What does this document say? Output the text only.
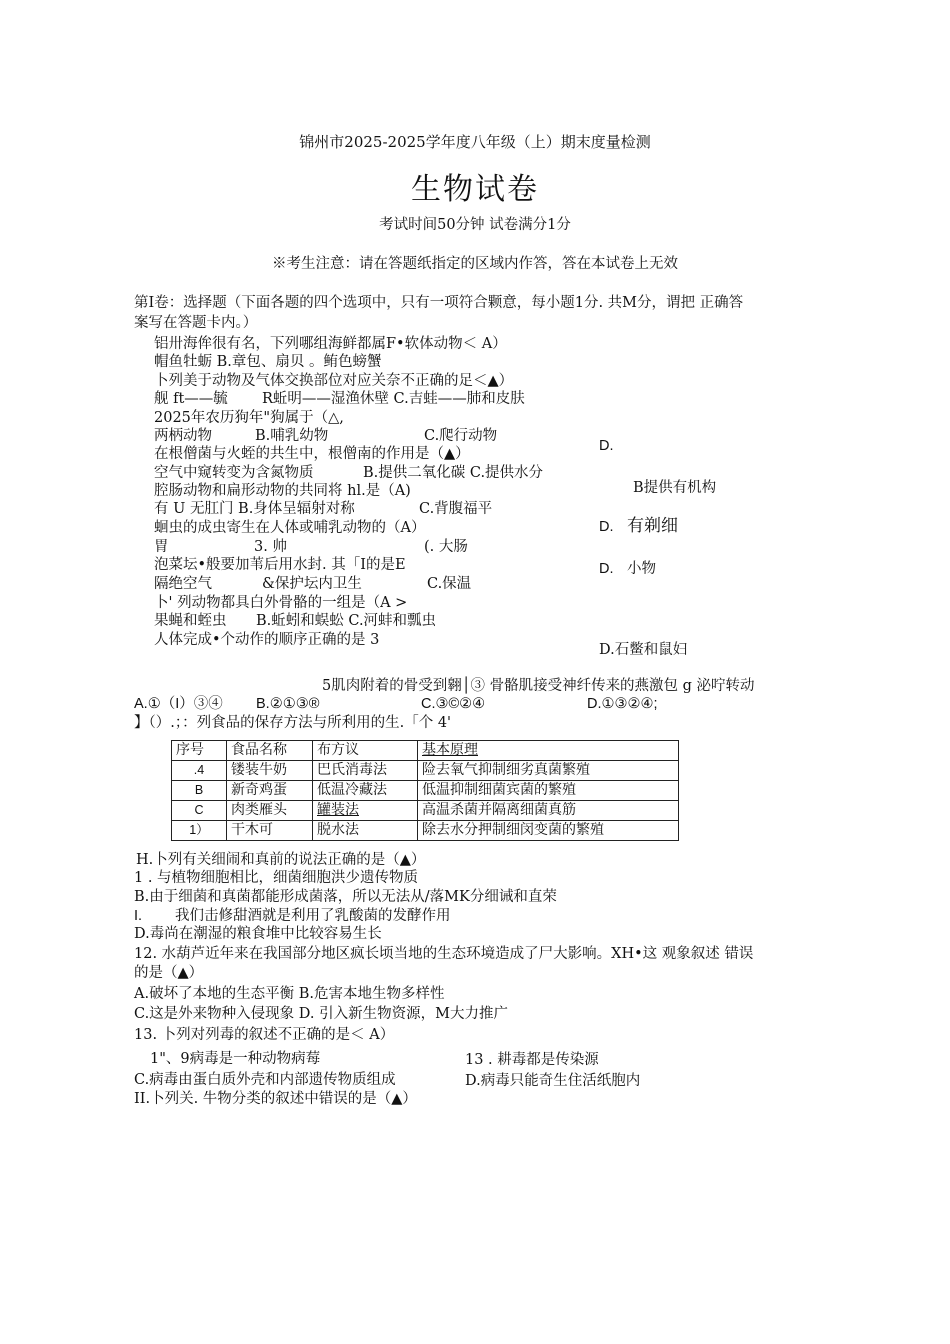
锦州市2025-2025学年度八年级（上）期末度量检测
生物试卷
考试时间50分钟 试卷满分1分
※考生注意：请在答题纸指定的区域内作答，答在本试卷上无效
第Ⅰ卷：选择题（下面各题的四个选项中，只有一项符合颗意，每小题1分. 共M分，谓把 正确答
案写在答题卡内。）
铝卅海侔很有名，下列哪组海鲜都属F•软体动物＜ A）
帽鱼牡蛎 B.章包、扇贝 。鲔色螃蟹
卜列美于动物及气体交换部位对应关奈不正确的足＜▲）
舰 ft——毓 R蚯明——湿渔休壁 C.吉蛙——肺和皮肤
2025年农历狗年"狗属于（△,
两柄动物	B.哺乳幼物	C.爬行动物
D.
在根僧菌与火蛭的共生中，根僧南的作用是（▲）
空气中窥转变为含氮物质	B.提供二氧化碳 C.提供水分
B提供有机构
腔肠动物和扁形动物的共同将 hl.是（A)
有 U 无肛门 B.身体呈辐射对称	C.背腹福平
D. 有剃细
蛔虫的成虫寄生在人体或哺乳动物的（A）
胃	3. 帅	(. 大肠
泡菜坛•般要加苇后用水封. 其「I的是E	D. 小物
隔绝空气	&保护坛内卫生	C.保温
卜' 列动物都具白外骨骼的一组是（A >
果蝇和蛭虫 B.蚯蚓和蜈蚣 C.河蚌和瓢虫
人体完成•个动作的顺序正确的是 3
D.石鳖和鼠妇
5肌肉附着的骨受到翱│③ 骨骼肌接受神纤传来的燕激包 g 泌咛转动
A.①（I）③④ B.②①③®	C.③©②④	D.①③②④;
】（）.；：列食品的保存方法与所利用的生.「个 4'
序号	食品名称	布方议	基本原理
.4	镂装牛奶	巴氏消毒法	险去氧气抑制细劣真菌繁殖
B	新奇鸡蛋	低温冷藏法	低温抑制细菌宾菌的繁殖
C	肉类雁头	罐装法	高温杀菌并隔离细菌真筋
1）	干木可	脱水法	除去水分押制细闵变菌的繁殖
H.卜列有关细闹和真前的说法正确的是（▲）
1 . 与植物细胞相比，细菌细胞洪少遗传物质
B.由于细菌和真菌都能形成菌落，所以无法从/落MK分细诫和直荣
I. 我们击修甜酒就是利用了乳酸菌的发酵作用
D.毒尚在潮湿的粮食堆中比较容易生长
12. 水葫芦近年来在我国部分地区疯长顷当地的生态环境造成了尸大影响。XH•这 观象叙述 错误
的是（▲）
A.破坏了本地的生态平衡 B.危害本地生物多样性
C.这是外来物种入侵现象 D. 引入新生物资源，M大力推广
13. 卜列对列毒的叙述不正确的是＜ A）
1"、9病毒是一种动物病莓	13 . 耕毒都是传染源
C.病毒由蛋白质外壳和内部遗传物质组成	D.病毒只能奇生住活纸胞内
II.卜列关. 牛物分类的叙述中错误的是（▲）
